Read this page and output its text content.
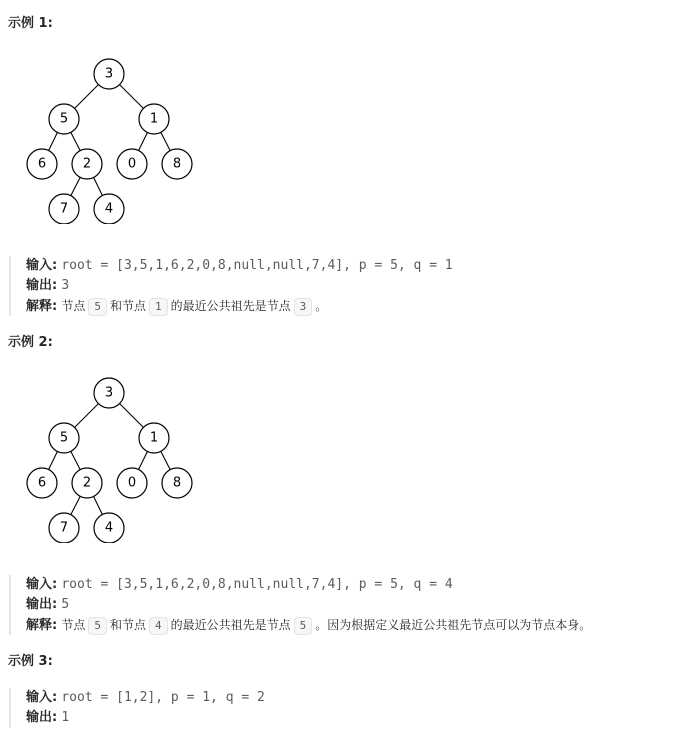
示例 1:
3
5	1
6	2	0	8
7	4
输入: root = [3,5,1,6,2,0,8,null,null,7,4], p = 5, q = 1
输出: 3
解释: 节点 5 和节点 1 的最近公共祖先是节点 3 。
示例 2:
3
5	1
6	2	0	8
7	4
输入: root = [3,5,1,6,2,0,8,null,null,7,4], p = 5, q = 4
输出: 5
解释: 节点 5 和节点 4 的最近公共祖先是节点 5 。因为根据定义最近公共祖先节点可以为节点本身。
示例 3:
输入: root = [1,2], p = 1, q = 2
输出: 1
